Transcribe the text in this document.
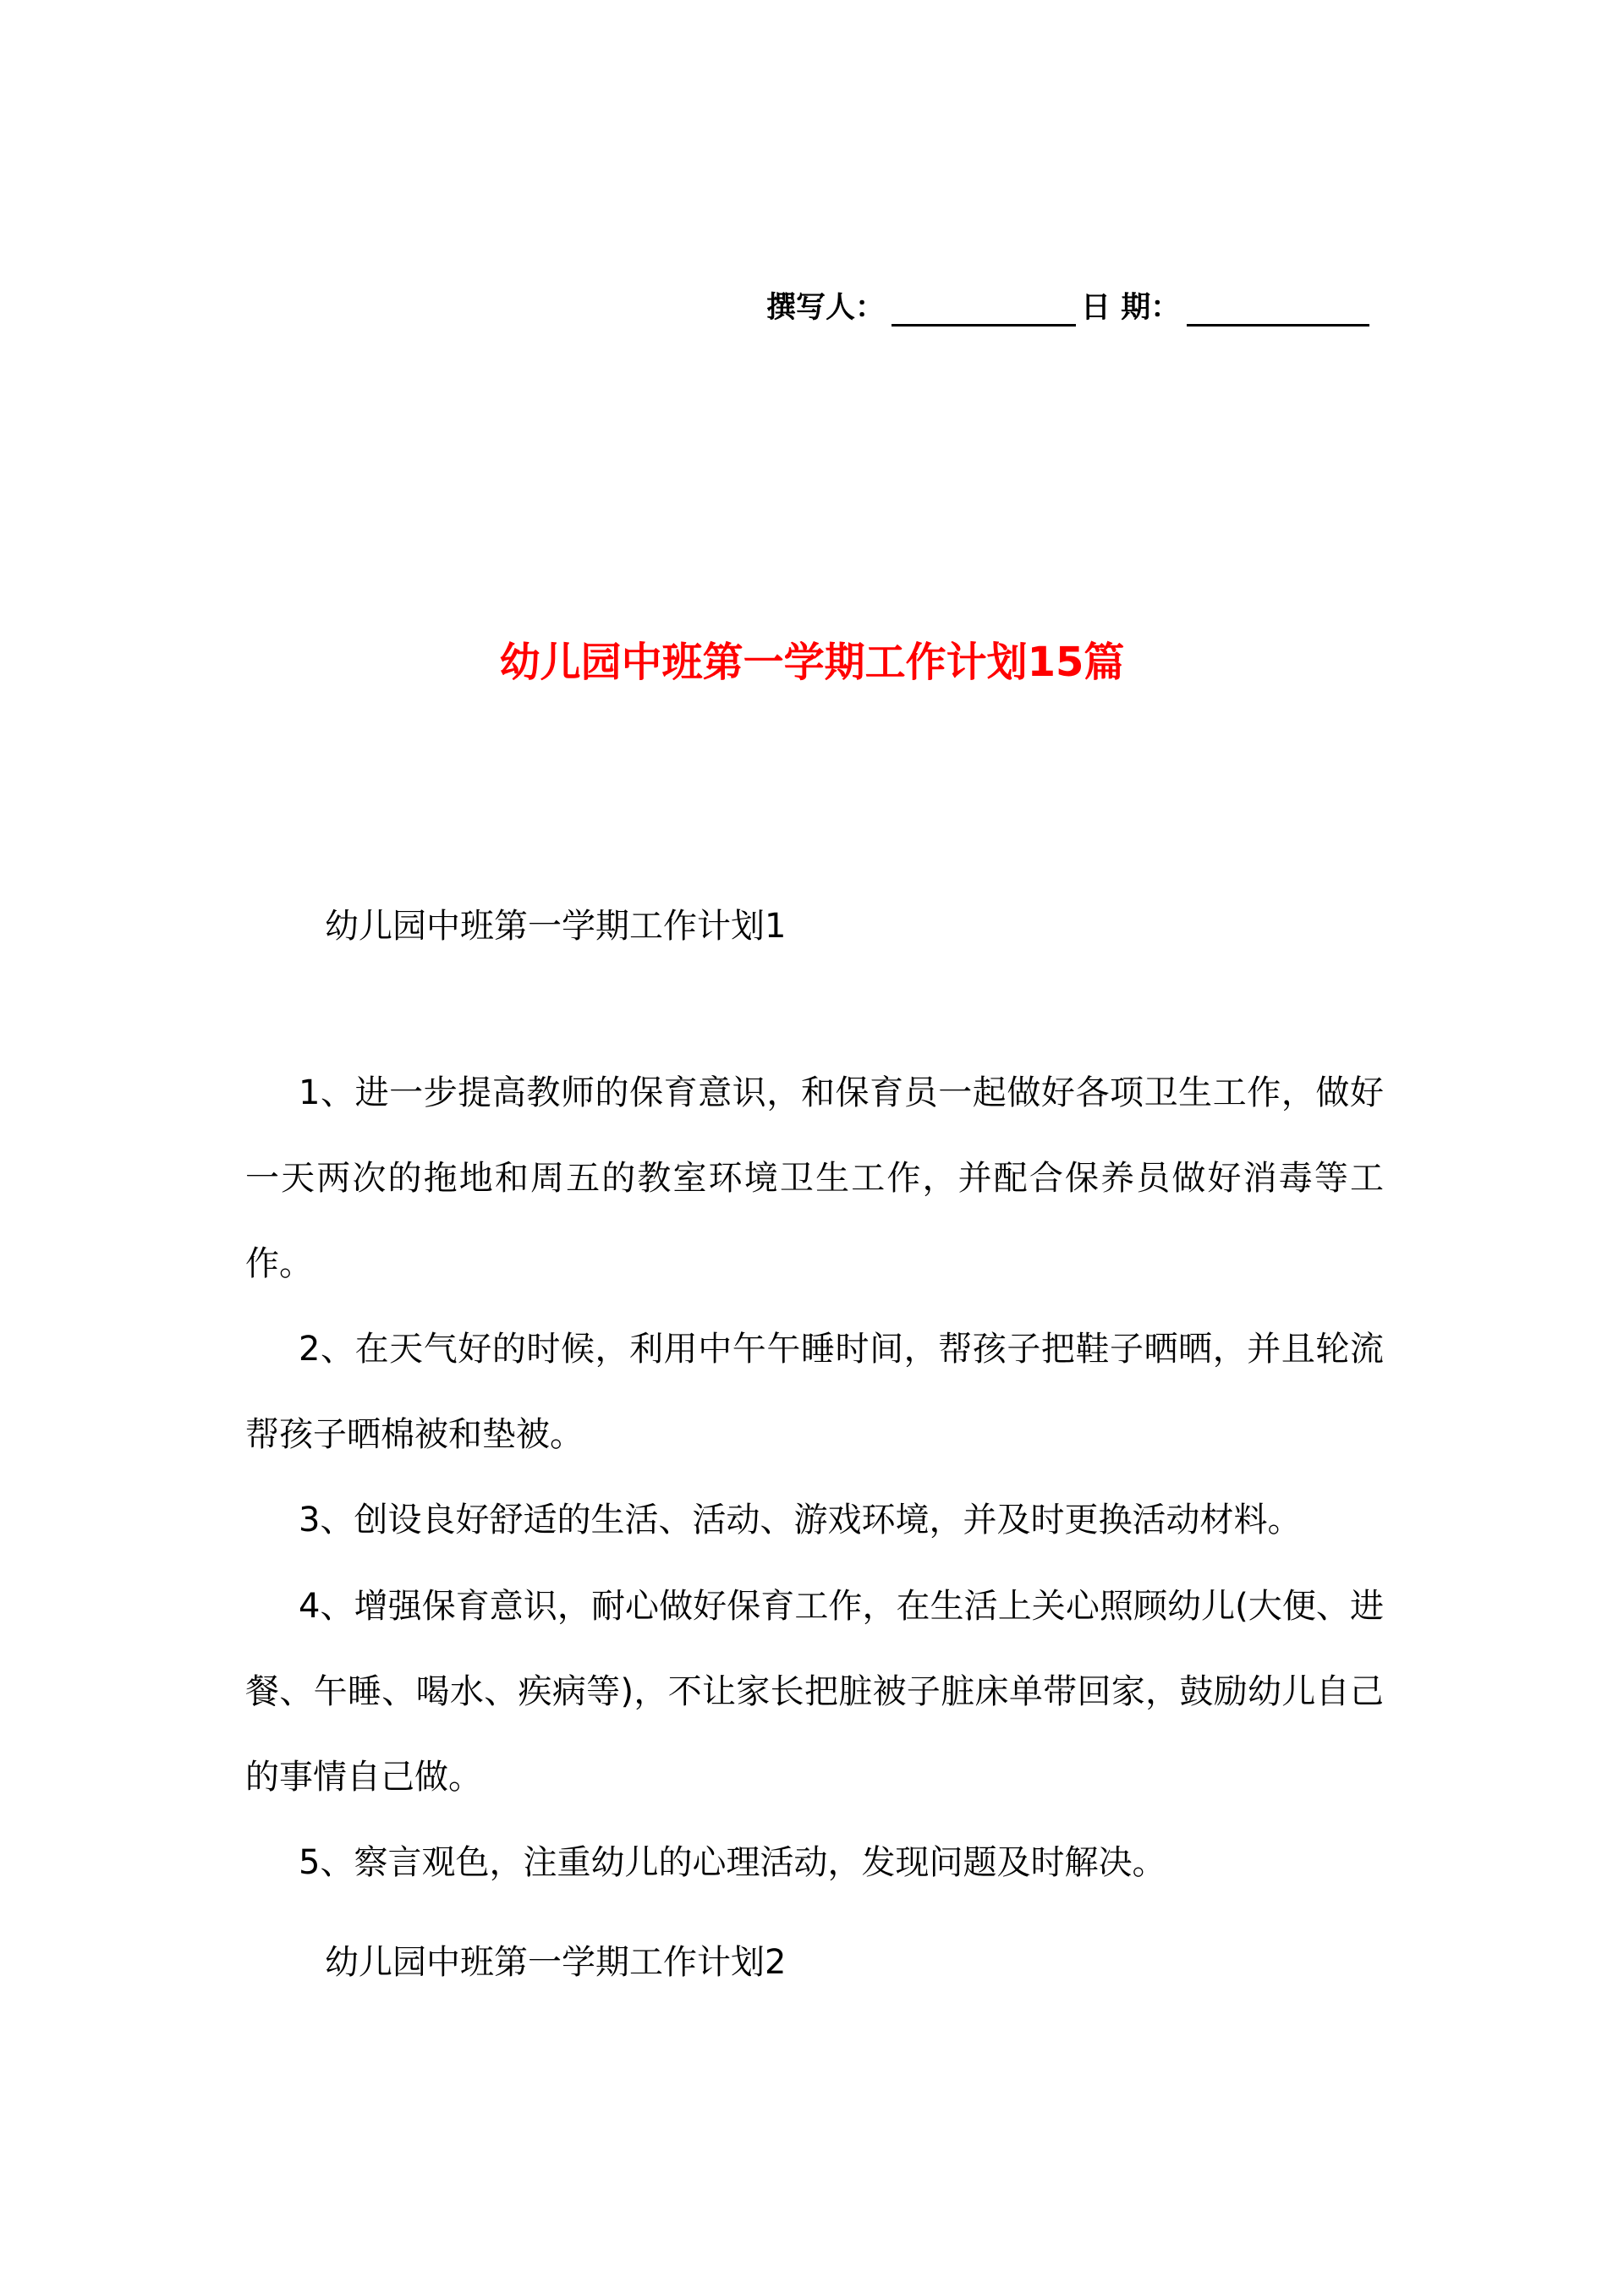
撰写人：	日 期：
幼儿园中班第一学期工作计划15篇
幼儿园中班第一学期工作计划1

1、进一步提高教师的保育意识，和保育员一起做好各项卫生工作，做好一天两次的拖地和周五的教室环境卫生工作，并配合保养员做好消毒等工作。

2、在天气好的时候，利用中午午睡时间，帮孩子把鞋子晒晒，并且轮流帮孩子晒棉被和垫被。

3、创设良好舒适的生活、活动、游戏环境，并及时更换活动材料。

4、增强保育意识，耐心做好保育工作，在生活上关心照顾幼儿(大便、进餐、午睡、喝水、疾病等)，不让家长把脏被子脏床单带回家，鼓励幼儿自己的事情自己做。

5、察言观色，注重幼儿的心理活动，发现问题及时解决。

幼儿园中班第一学期工作计划2
